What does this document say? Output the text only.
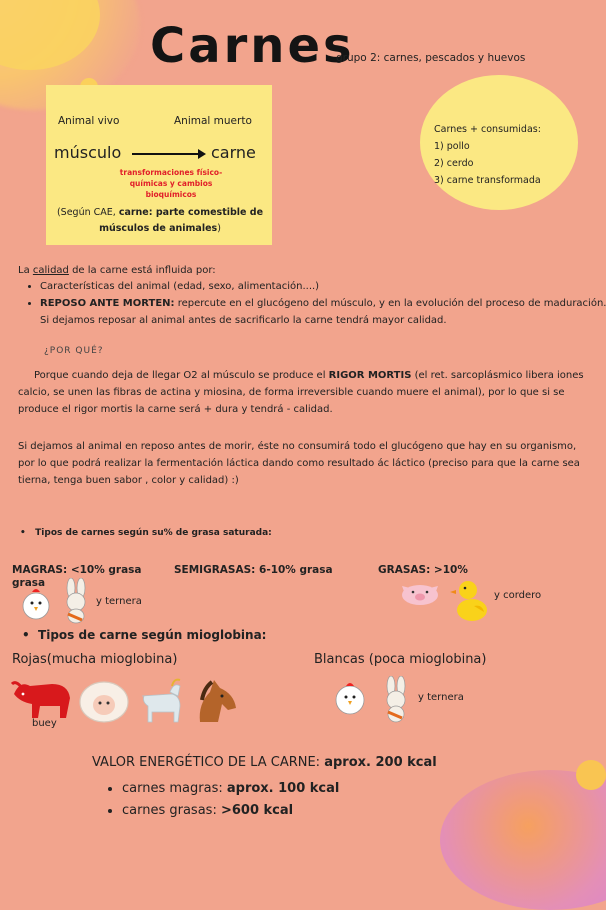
Carnes
grupo 2: carnes, pescados y huevos
Animal vivo	Animal muerto
músculo	carne
transformaciones físico-químicas y cambios bioquímicos
(Según CAE, carne: parte comestible de músculos de animales)
Carnes + consumidas:
1) pollo
2) cerdo
3) carne transformada
La calidad de la carne está influida por:
• Características del animal (edad, sexo, alimentación....)
• REPOSO ANTE MORTEN: repercute en el glucógeno del músculo, y en la evolución del proceso de maduración. Si dejamos reposar al animal antes de sacrificarlo la carne tendrá mayor calidad.
¿POR QUÉ?
Porque cuando deja de llegar O2 al músculo se produce el RIGOR MORTIS (el ret. sarcoplásmico libera iones calcio, se unen las fibras de actina y miosina, de forma irreversible cuando muere el animal), por lo que si se produce el rigor mortis la carne será + dura y tendrá - calidad.
Si dejamos al animal en reposo antes de morir, éste no consumirá todo el glucógeno que hay en su organismo, por lo que podrá realizar la fermentación láctica dando como resultado ác láctico (preciso para que la carne sea tierna, tenga buen sabor , color y calidad) :)
•   Tipos de carnes según su% de grasa saturada:
MAGRAS: <10% grasa
grasa
SEMIGRASAS: 6-10% grasa	GRASAS: >10%
y ternera
y cordero
•  Tipos de carne según mioglobina:
Rojas(mucha mioglobina)	Blancas (poca mioglobina)
buey
y ternera
VALOR ENERGÉTICO DE LA CARNE: aprox. 200 kcal
• carnes magras: aprox. 100 kcal
• carnes grasas: >600 kcal
